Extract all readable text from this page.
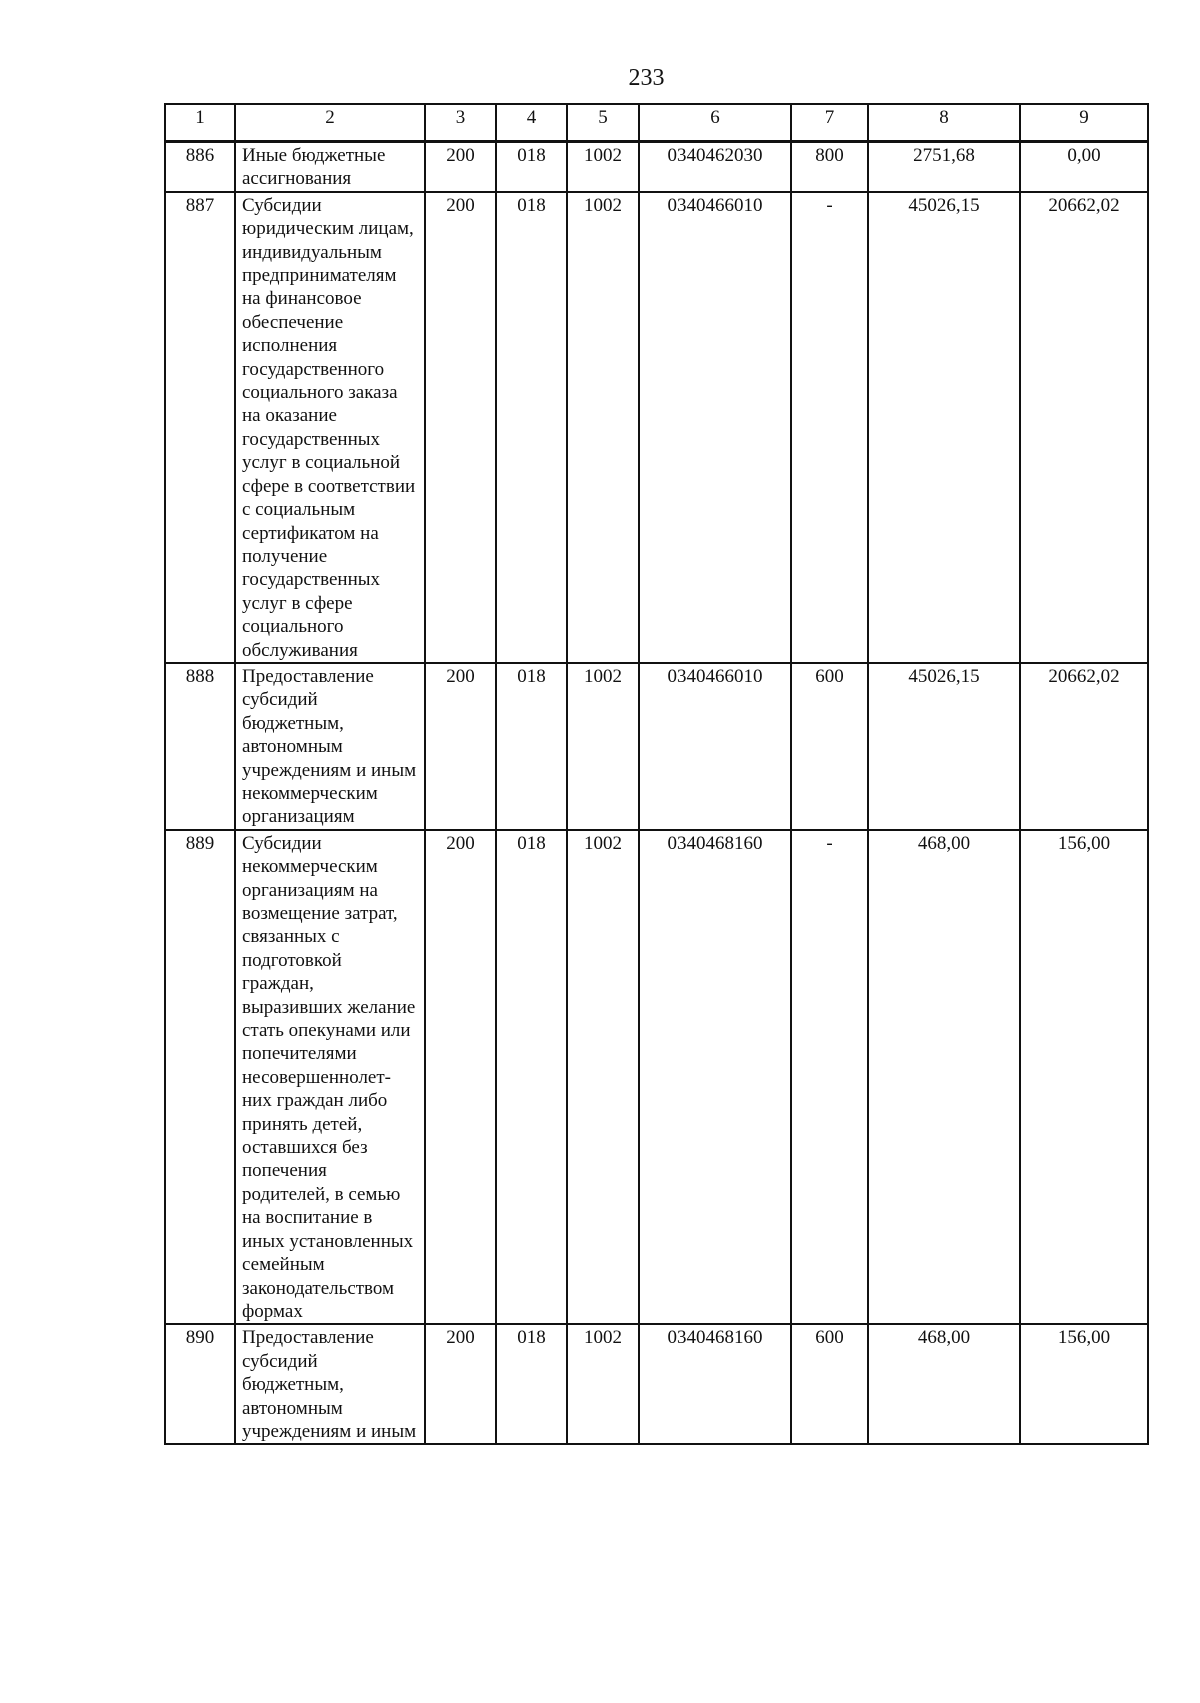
233
1	2	3	4	5	6	7	8	9
886	Иные бюджетные ассигнования	200	018	1002	0340462030	800	2751,68	0,00
887	Субсидии юридическим лицам, индивидуальным предпринимателям на финансовое обеспечение исполнения государственного социального заказа на оказание государственных услуг в социальной сфере в соответствии с социальным сертификатом на получение государственных услуг в сфере социального обслуживания	200	018	1002	0340466010	-	45026,15	20662,02
888	Предоставление субсидий бюджетным, автономным учреждениям и иным некоммерческим организациям	200	018	1002	0340466010	600	45026,15	20662,02
889	Субсидии некоммерческим организациям на возмещение затрат, связанных с подготовкой граждан, выразивших желание стать опекунами или попечителями несовершеннолет-них граждан либо принять детей, оставшихся без попечения родителей, в семью на воспитание в иных установленных семейным законодательством формах	200	018	1002	0340468160	-	468,00	156,00
890	Предоставление субсидий бюджетным, автономным учреждениям и иным	200	018	1002	0340468160	600	468,00	156,00
